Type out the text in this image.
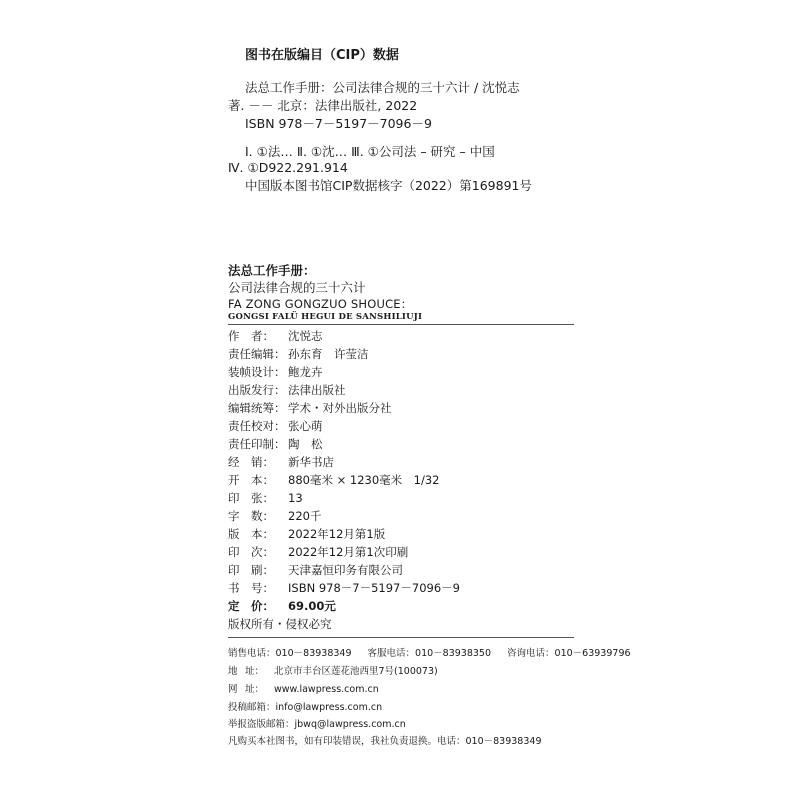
图书在版编目（CIP）数据
法总工作手册：公司法律合规的三十六计 / 沈悦志
著. －－ 北京：法律出版社, 2022
ISBN 978－7－5197－7096－9
Ⅰ. ①法… Ⅱ. ①沈… Ⅲ. ①公司法 – 研究 – 中国
Ⅳ. ①D922.291.914
中国版本图书馆CIP数据核字（2022）第169891号
法总工作手册：
公司法律合规的三十六计
FA ZONG GONGZUO SHOUCE：
GONGSI FALÜ HEGUI DE SANSHILIUJI
作 者： 沈悦志
责任编辑： 孙东育　许莹洁
装帧设计： 鲍龙卉
出版发行： 法律出版社
编辑统筹： 学术・对外出版分社
责任校对： 张心萌
责任印制： 陶　松
经 销： 新华书店
开 本： 880毫米 × 1230毫米　1/32
印 张： 13
字 数： 220千
版 本： 2022年12月第1版
印 次： 2022年12月第1次印刷
印 刷： 天津嘉恒印务有限公司
书 号： ISBN 978－7－5197－7096－9
定 价： 69.00元
版权所有・侵权必究
销售电话：010－83938349 客服电话：010－83938350 咨询电话：010－63939796
地 址： 北京市丰台区莲花池西里7号(100073)
网 址： www.lawpress.com.cn
投稿邮箱：info@lawpress.com.cn
举报盗版邮箱：jbwq@lawpress.com.cn
凡购买本社图书，如有印装错误，我社负责退换。电话：010－83938349
